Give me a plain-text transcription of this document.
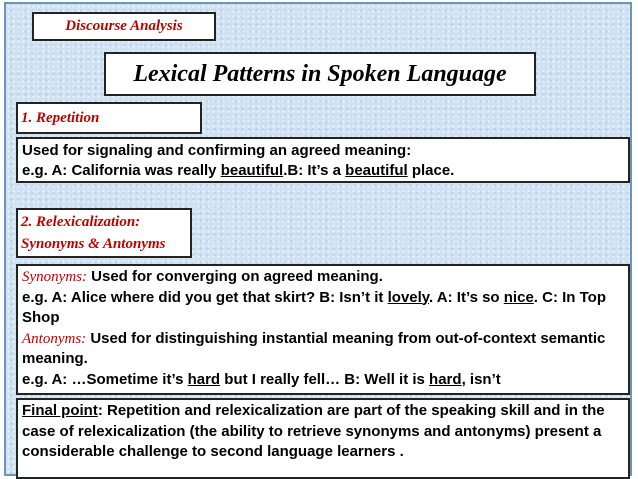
Discourse Analysis
Lexical Patterns in Spoken Language
1. Repetition
Used for signaling and confirming an agreed meaning:
e.g. A: California was really beautiful.B: It’s a beautiful place.
2. Relexicalization:
Synonyms & Antonyms
Synonyms: Used for converging on agreed meaning.
e.g. A: Alice where did you get that skirt? B: Isn’t it lovely. A: It’s so nice. C: In Top Shop
Antonyms: Used for distinguishing instantial meaning from out-of-context semantic meaning.
e.g. A: …Sometime it’s hard but I really fell… B: Well it is hard, isn’t
Final point: Repetition and relexicalization are part of the speaking skill and in the case of relexicalization (the ability to retrieve synonyms and antonyms) present a considerable challenge to second language learners .
